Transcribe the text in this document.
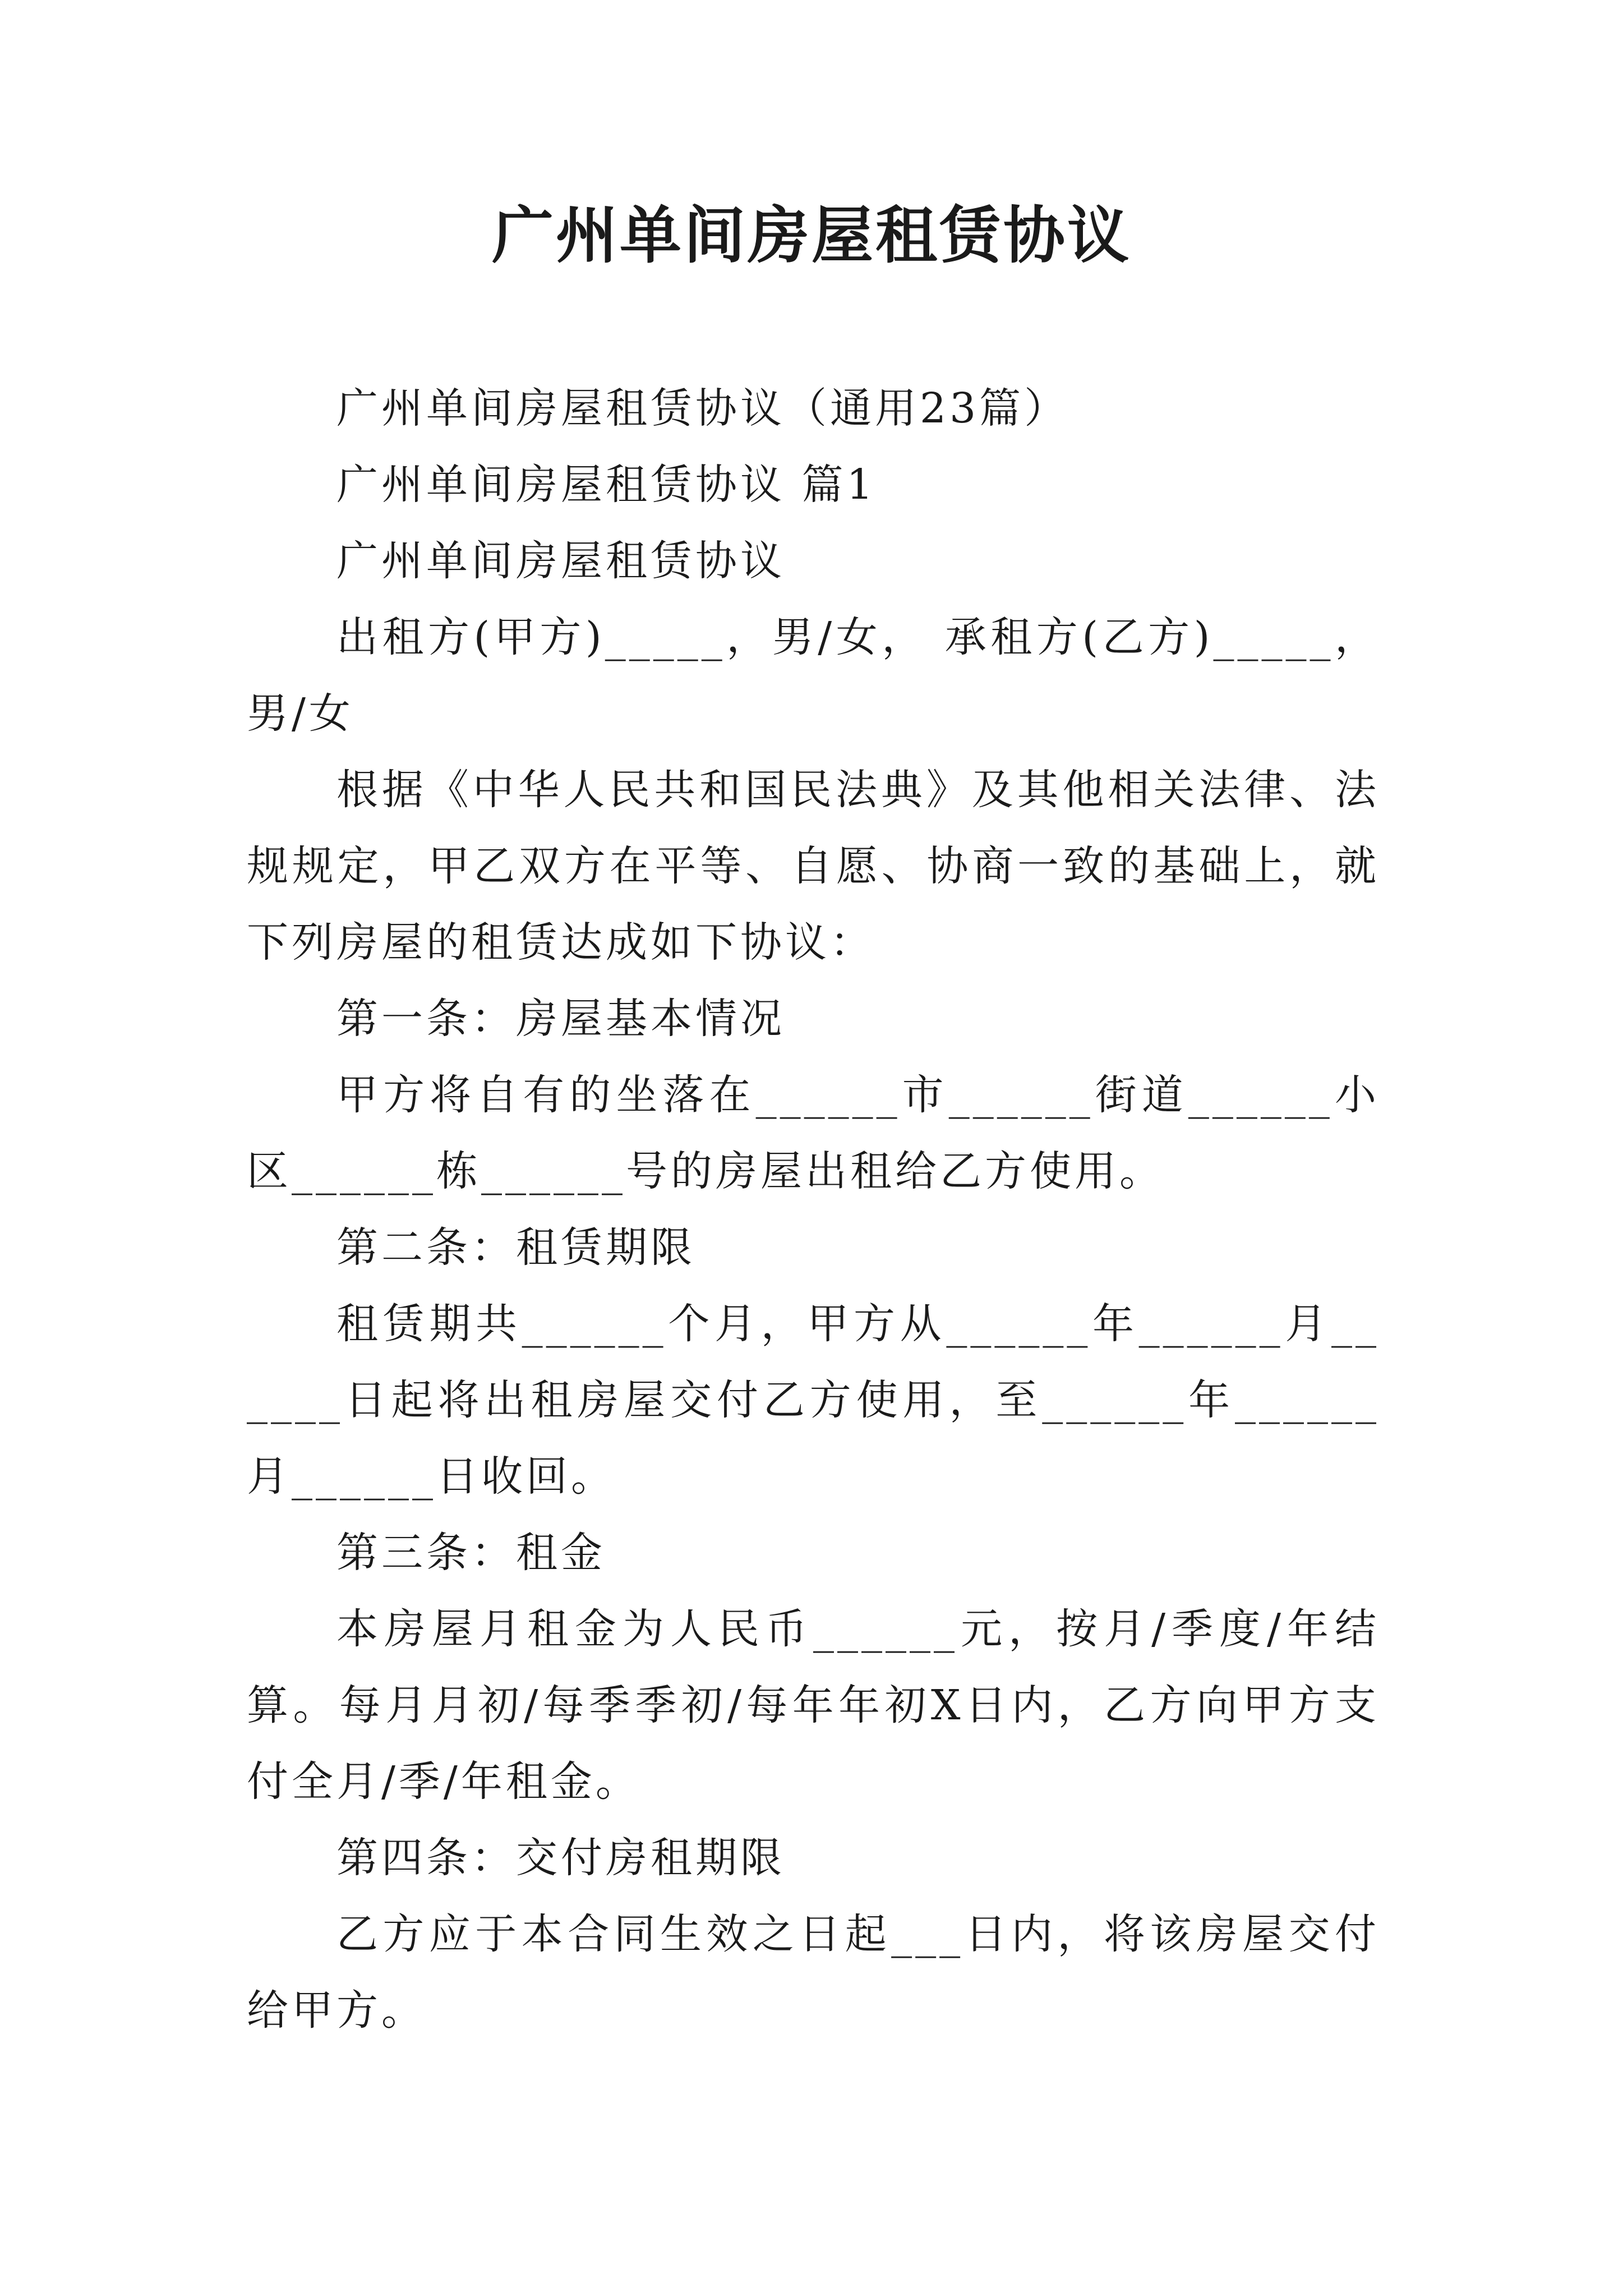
广州单间房屋租赁协议

广州单间房屋租赁协议（通用23篇）

广州单间房屋租赁协议 篇1

广州单间房屋租赁协议

出租方(甲方)_____，男/女， 承租方(乙方)_____，男/女

根据《中华人民共和国民法典》及其他相关法律、法规规定，甲乙双方在平等、自愿、协商一致的基础上，就下列房屋的租赁达成如下协议：

第一条：房屋基本情况

甲方将自有的坐落在______市______街道______小区______栋______号的房屋出租给乙方使用。

第二条：租赁期限

租赁期共______个月，甲方从______年______月______日起将出租房屋交付乙方使用，至______年______月______日收回。

第三条：租金

本房屋月租金为人民币______元，按月/季度/年结算。每月月初/每季季初/每年年初X日内，乙方向甲方支付全月/季/年租金。

第四条：交付房租期限

乙方应于本合同生效之日起___日内，将该房屋交付给甲方。
